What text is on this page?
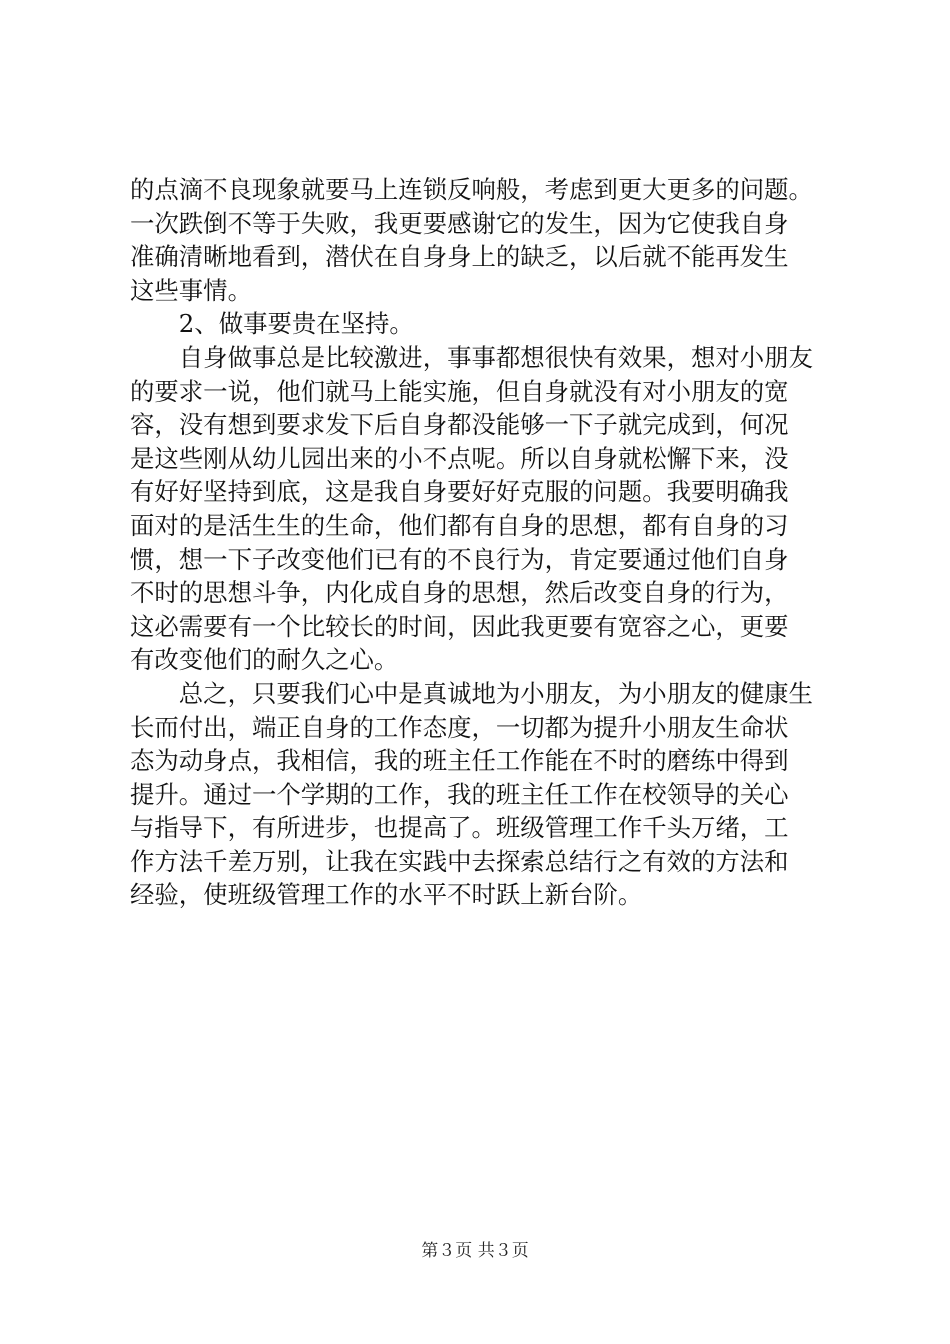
的点滴不良现象就要马上连锁反响般，考虑到更大更多的问题。
一次跌倒不等于失败，我更要感谢它的发生，因为它使我自身
准确清晰地看到，潜伏在自身身上的缺乏，以后就不能再发生
这些事情。
　　2、做事要贵在坚持。
　　自身做事总是比较激进，事事都想很快有效果，想对小朋友
的要求一说，他们就马上能实施，但自身就没有对小朋友的宽
容，没有想到要求发下后自身都没能够一下子就完成到，何况
是这些刚从幼儿园出来的小不点呢。所以自身就松懈下来，没
有好好坚持到底，这是我自身要好好克服的问题。我要明确我
面对的是活生生的生命，他们都有自身的思想，都有自身的习
惯，想一下子改变他们已有的不良行为，肯定要通过他们自身
不时的思想斗争，内化成自身的思想，然后改变自身的行为，
这必需要有一个比较长的时间，因此我更要有宽容之心，更要
有改变他们的耐久之心。
　　总之，只要我们心中是真诚地为小朋友，为小朋友的健康生
长而付出，端正自身的工作态度，一切都为提升小朋友生命状
态为动身点，我相信，我的班主任工作能在不时的磨练中得到
提升。通过一个学期的工作，我的班主任工作在校领导的关心
与指导下，有所进步，也提高了。班级管理工作千头万绪，工
作方法千差万别，让我在实践中去探索总结行之有效的方法和
经验，使班级管理工作的水平不时跃上新台阶。
第３页 共３页
